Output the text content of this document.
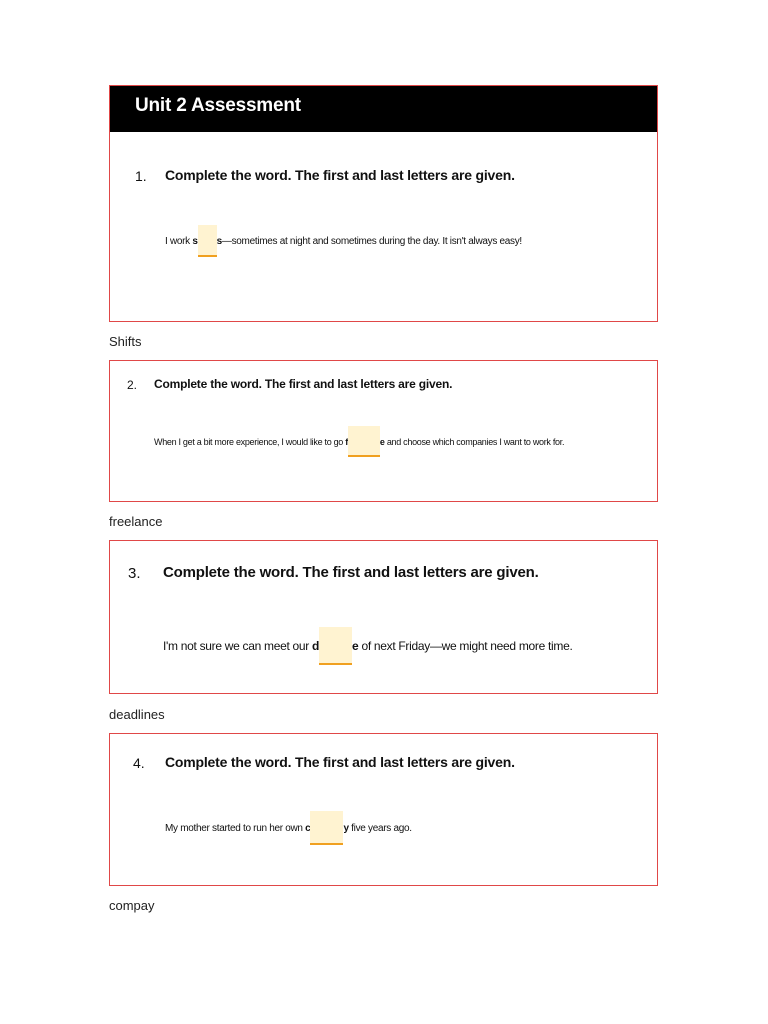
Unit 2 Assessment
1. Complete the word. The first and last letters are given.
I work s s —sometimes at night and sometimes during the day. It isn't always easy!
Shifts
2. Complete the word. The first and last letters are given.
When I get a bit more experience, I would like to go f	e and choose which companies I want to work for.
freelance
3. Complete the word. The first and last letters are given.
I'm not sure we can meet our d	e of next Friday—we might need more time.
deadlines
4. Complete the word. The first and last letters are given.
My mother started to run her own c	y five years ago.
compay
